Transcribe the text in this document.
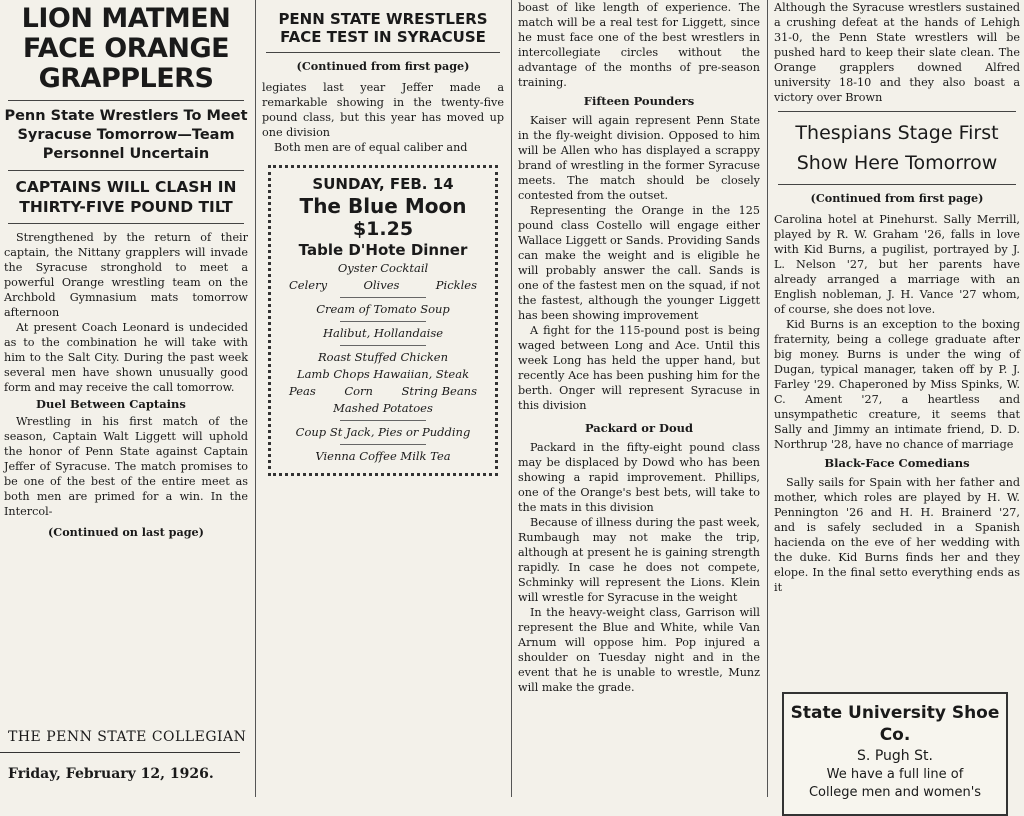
LION MATMEN FACE ORANGE GRAPPLERS
Penn State Wrestlers To Meet Syracuse Tomorrow—Team Personnel Uncertain
CAPTAINS WILL CLASH IN THIRTY-FIVE POUND TILT

Strengthened by the return of their captain, the Nittany grapplers will invade the Syracuse stronghold to meet a powerful Orange wrestling team on the Archbold Gymnasium mats tomorrow afternoon

At present Coach Leonard is undecided as to the combination he will take with him to the Salt City. During the past week several men have shown unusually good form and may receive the call tomorrow.

Duel Between Captains

Wrestling in his first match of the season, Captain Walt Liggett will uphold the honor of Penn State against Captain Jeffer of Syracuse. The match promises to be one of the best of the entire meet as both men are primed for a win. In the Intercol-

(Continued on last page)
THE PENN STATE COLLEGIAN
Friday, February 12, 1926.
PENN STATE WRESTLERS FACE TEST IN SYRACUSE
(Continued from first page)

legiates last year Jeffer made a remarkable showing in the twenty-five pound class, but this year has moved up one division

Both men are of equal caliber and

SUNDAY, FEB. 14
The Blue Moon
$1.25
Table D'Hote Dinner
Oyster Cocktail
Celery	Olives	Pickles
Cream of Tomato Soup
Halibut, Hollandaise
Roast Stuffed Chicken
Lamb Chops Hawaiian, Steak
Peas Corn String Beans
Mashed Potatoes
Coup St Jack, Pies or Pudding
Vienna Coffee Milk Tea

boast of like length of experience. The match will be a real test for Liggett, since he must face one of the best wrestlers in intercollegiate circles without the advantage of the months of pre-season training.

Fifteen Pounders

Kaiser will again represent Penn State in the fly-weight division. Opposed to him will be Allen who has displayed a scrappy brand of wrestling in the former Syracuse meets. The match should be closely contested from the outset.

Representing the Orange in the 125 pound class Costello will engage either Wallace Liggett or Sands. Providing Sands can make the weight and is eligible he will probably answer the call. Sands is one of the fastest men on the squad, if not the fastest, although the younger Liggett has been showing improvement

A fight for the 115-pound post is being waged between Long and Ace. Until this week Long has held the upper hand, but recently Ace has been pushing him for the berth. Onger will represent Syracuse in this division

Packard or Doud

Packard in the fifty-eight pound class may be displaced by Dowd who has been showing a rapid improvement. Phillips, one of the Orange's best bets, will take to the mats in this division

Because of illness during the past week, Rumbaugh may not make the trip, although at present he is gaining strength rapidly. In case he does not compete, Schminky will represent the Lions. Klein will wrestle for Syracuse in the weight

In the heavy-weight class, Garrison will represent the Blue and White, while Van Arnum will oppose him. Pop injured a shoulder on Tuesday night and in the event that he is unable to wrestle, Munz will make the grade.

Although the Syracuse wrestlers sustained a crushing defeat at the hands of Lehigh 31-0, the Penn State wrestlers will be pushed hard to keep their slate clean. The Orange grapplers downed Alfred university 18-10 and they also boast a victory over Brown

Thespians Stage First Show Here Tomorrow
(Continued from first page)

Carolina hotel at Pinehurst. Sally Merrill, played by R. W. Graham '26, falls in love with Kid Burns, a pugilist, portrayed by J. L. Nelson '27, but her parents have already arranged a marriage with an English nobleman, J. H. Vance '27 whom, of course, she does not love.

Kid Burns is an exception to the boxing fraternity, being a college graduate after big money. Burns is under the wing of Dugan, typical manager, taken off by P. J. Farley '29. Chaperoned by Miss Spinks, W. C. Ament '27, a heartless and unsympathetic creature, it seems that Sally and Jimmy an intimate friend, D. D. Northrup '28, have no chance of marriage

Black-Face Comedians

Sally sails for Spain with her father and mother, which roles are played by H. W. Pennington '26 and H. H. Brainerd '27, and is safely secluded in a Spanish hacienda on the eve of her wedding with the duke. Kid Burns finds her and they elope. In the final setto everything ends as it

State University Shoe Co.
S. Pugh St.
We have a full line of
College men and women's
